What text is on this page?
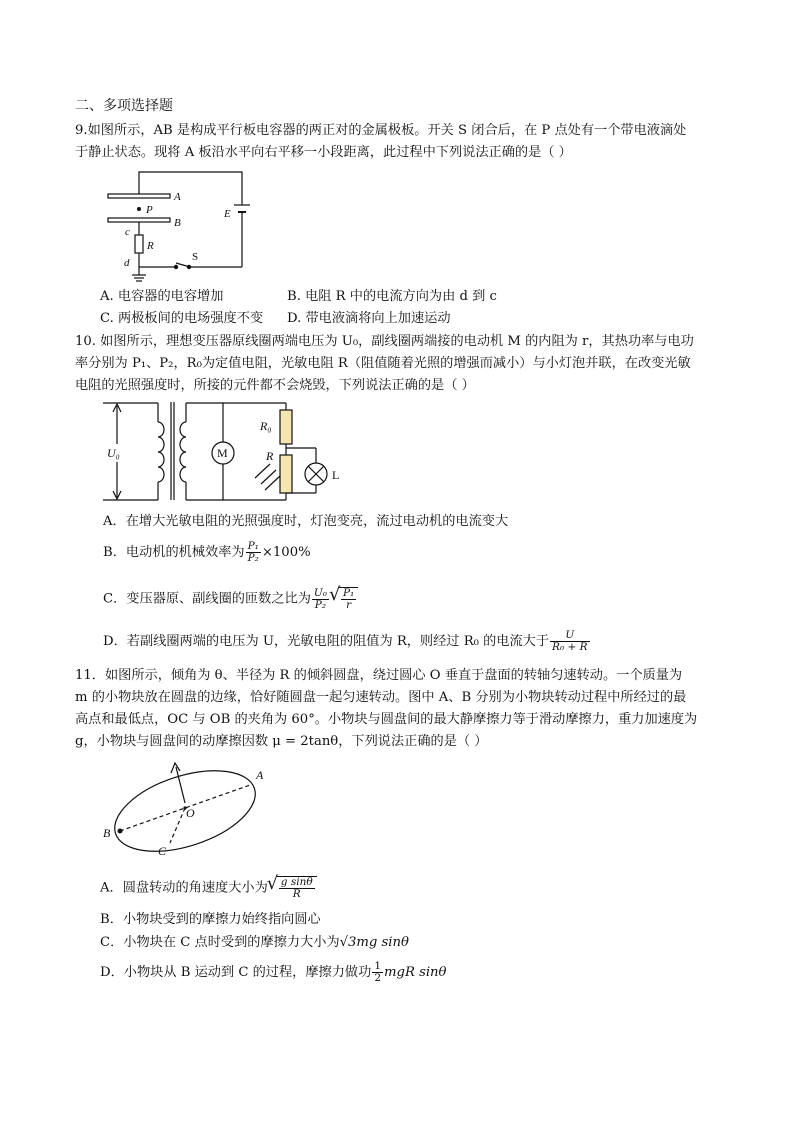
二、多项选择题
9.如图所示，AB 是构成平行板电容器的两正对的金属极板。开关 S 闭合后，在 P 点处有一个带电液滴处
于静止状态。现将 A 板沿水平向右平移一小段距离，此过程中下列说法正确的是（ ）
A
B
P	E
R
c
d	S
A. 电容器的电容增加	B. 电阻 R 中的电流方向为由 d 到 c
C. 两极板间的电场强度不变 D. 带电液滴将向上加速运动
10. 如图所示，理想变压器原线圈两端电压为 U₀，副线圈两端接的电动机 M 的内阻为 r，其热功率与电功
率分别为 P₁、P₂，R₀为定值电阻，光敏电阻 R（阻值随着光照的增强而减小）与小灯泡并联，在改变光敏
电阻的光照强度时，所接的元件都不会烧毁，下列说法正确的是（ ）
U₀	M
R₀
R
L
A．在增大光敏电阻的光照强度时，灯泡变亮，流过电动机的电流变大
B．电动机的机械效率为 $\frac{\text{P₁}}{\text{P₂}} \times 100\%$
C．变压器原、副线圈的匝数之比为 $\frac{\text{U₀}}{\text{P₂}}$ √ $\frac{\text{P₁}}{r}$
D．若副线圈两端的电压为 U，光敏电阻的阻值为 R，则经过 R₀ 的电流大于 $\frac{U}{\text{R₀ + R}}$
11．如图所示，倾角为 θ、半径为 R 的倾斜圆盘，绕过圆心 O 垂直于盘面的转轴匀速转动。一个质量为
m 的小物块放在圆盘的边缘，恰好随圆盘一起匀速转动。图中 A、B 分别为小物块转动过程中所经过的最
高点和最低点，OC 与 OB 的夹角为 60°。小物块与圆盘间的最大静摩擦力等于滑动摩擦力，重力加速度为
g，小物块与圆盘间的动摩擦因数 μ = 2tanθ，下列说法正确的是（ ）
A
B
C
O
A．圆盘转动的角速度大小为 √ $\frac{\text{g sinθ}}{R}$
B．小物块受到的摩擦力始终指向圆心
C．小物块在 C 点时受到的摩擦力大小为√3mg sinθ
D．小物块从 B 运动到 C 的过程，摩擦力做功 $\frac{1}{2}$ mgR sinθ
